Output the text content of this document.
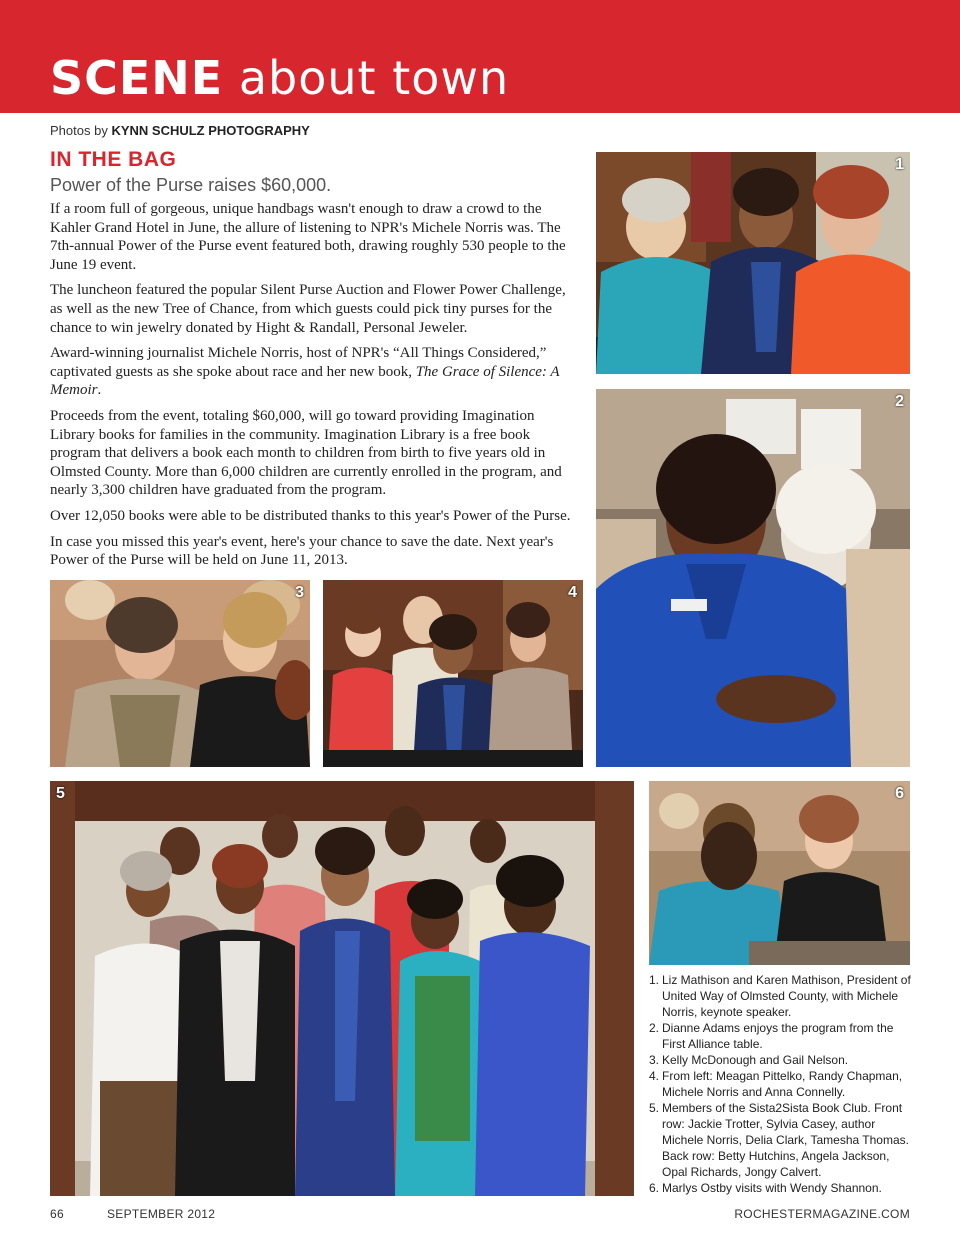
SCENE about town
Photos by KYNN SCHULZ PHOTOGRAPHY
IN THE BAG
Power of the Purse raises $60,000.

If a room full of gorgeous, unique handbags wasn't enough to draw a crowd to the Kahler Grand Hotel in June, the allure of listening to NPR's Michele Norris was. The 7th-annual Power of the Purse event featured both, drawing roughly 530 people to the June 19 event.

The luncheon featured the popular Silent Purse Auction and Flower Power Challenge, as well as the new Tree of Chance, from which guests could pick tiny purses for the chance to win jewelry donated by Hight & Randall, Personal Jeweler.

Award-winning journalist Michele Norris, host of NPR's “All Things Considered,” captivated guests as she spoke about race and her new book, The Grace of Silence: A Memoir.

Proceeds from the event, totaling $60,000, will go toward providing Imagination Library books for families in the community. Imagination Library is a free book program that delivers a book each month to children from birth to five years old in Olmsted County. More than 6,000 children are currently enrolled in the program, and nearly 3,300 children have graduated from the program.

Over 12,050 books were able to be distributed thanks to this year's Power of the Purse.

In case you missed this year's event, here's your chance to save the date. Next year's Power of the Purse will be held on June 11, 2013.

1
2
3	4
5	6
1. Liz Mathison and Karen Mathison, President of United Way of Olmsted County, with Michele Norris, keynote speaker.
2. Dianne Adams enjoys the program from the First Alliance table.
3. Kelly McDonough and Gail Nelson.
4. From left: Meagan Pittelko, Randy Chapman, Michele Norris and Anna Connelly.
5. Members of the Sista2Sista Book Club. Front row: Jackie Trotter, Sylvia Casey, author Michele Norris, Delia Clark, Tamesha Thomas. Back row: Betty Hutchins, Angela Jackson, Opal Richards, Jongy Calvert.
6. Marlys Ostby visits with Wendy Shannon.
66	SEPTEMBER 2012	ROCHESTERMAGAZINE.COM
